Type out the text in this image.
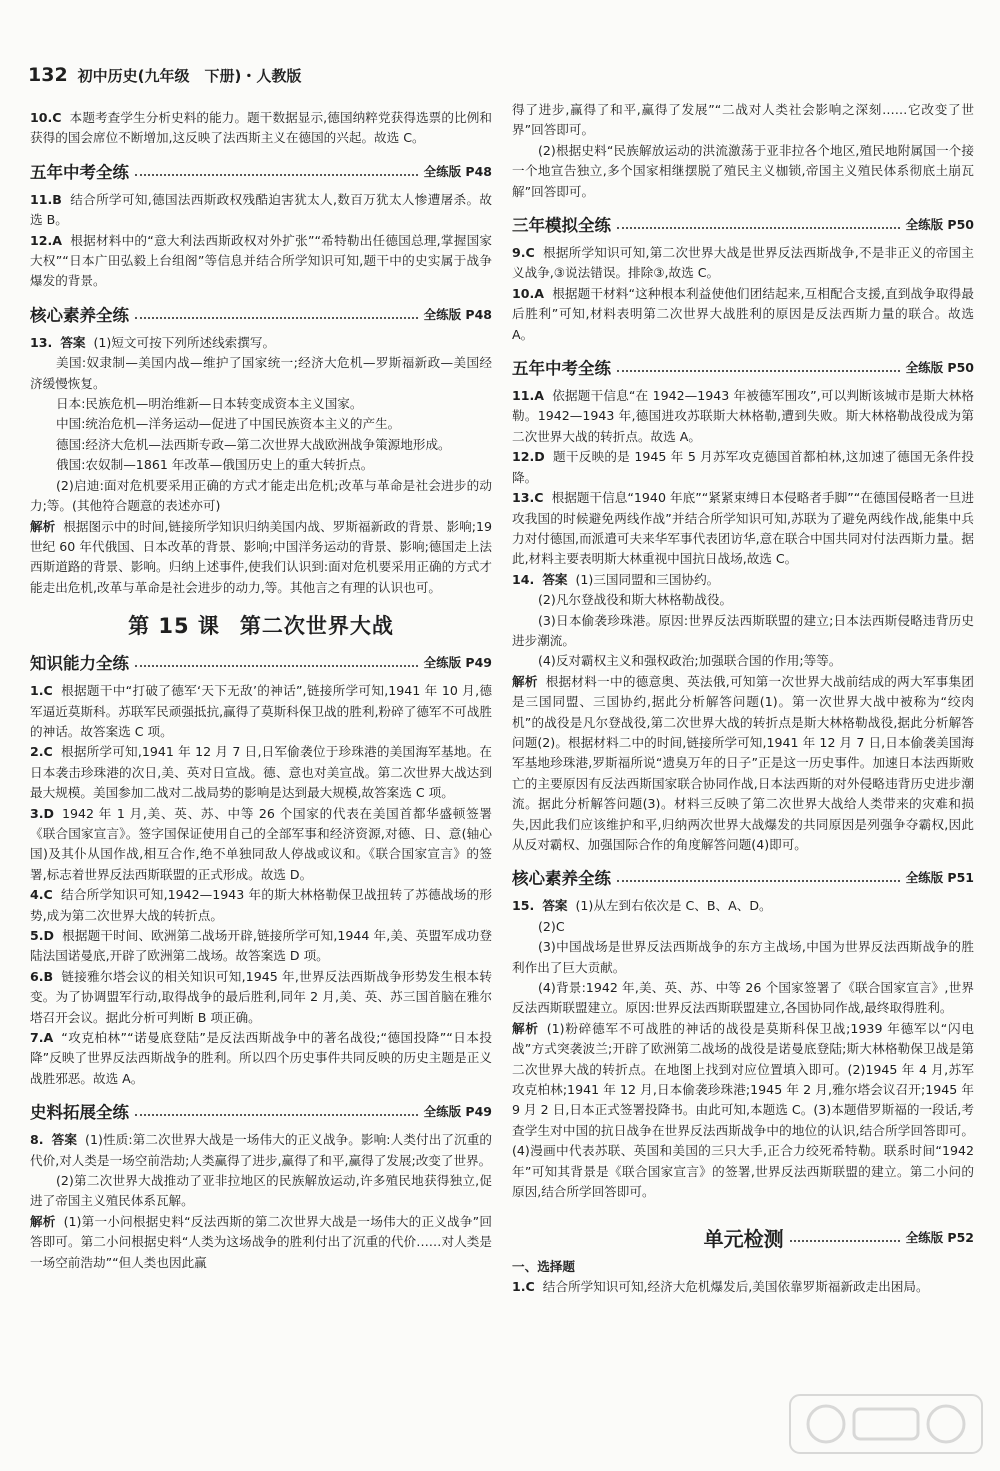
132 初中历史(九年级　下册)・人教版

10.C 本题考查学生分析史料的能力。题干数据显示,德国纳粹党获得选票的比例和获得的国会席位不断增加,这反映了法西斯主义在德国的兴起。故选 C。

五年中考全练	全练版 P48

11.B 结合所学可知,德国法西斯政权残酷迫害犹太人,数百万犹太人惨遭屠杀。故选 B。

12.A 根据材料中的“意大利法西斯政权对外扩张”“希特勒出任德国总理,掌握国家大权”“日本广田弘毅上台组阁”等信息并结合所学知识可知,题干中的史实属于战争爆发的背景。

核心素养全练	全练版 P48

13. 答案 (1)短文可按下列所述线索撰写。

美国:奴隶制—美国内战—维护了国家统一;经济大危机—罗斯福新政—美国经济缓慢恢复。

日本:民族危机—明治维新—日本转变成资本主义国家。

中国:统治危机—洋务运动—促进了中国民族资本主义的产生。

德国:经济大危机—法西斯专政—第二次世界大战欧洲战争策源地形成。

俄国:农奴制—1861 年改革—俄国历史上的重大转折点。

(2)启迪:面对危机要采用正确的方式才能走出危机;改革与革命是社会进步的动力;等。(其他符合题意的表述亦可)

解析 根据图示中的时间,链接所学知识归纳美国内战、罗斯福新政的背景、影响;19 世纪 60 年代俄国、日本改革的背景、影响;中国洋务运动的背景、影响;德国走上法西斯道路的背景、影响。归纳上述事件,使我们认识到:面对危机要采用正确的方式才能走出危机,改革与革命是社会进步的动力,等。其他言之有理的认识也可。

第 15 课 第二次世界大战
知识能力全练	全练版 P49

1.C 根据题干中“打破了德军‘天下无敌’的神话”,链接所学可知,1941 年 10 月,德军逼近莫斯科。苏联军民顽强抵抗,赢得了莫斯科保卫战的胜利,粉碎了德军不可战胜的神话。故答案选 C 项。

2.C 根据所学可知,1941 年 12 月 7 日,日军偷袭位于珍珠港的美国海军基地。在日本袭击珍珠港的次日,美、英对日宣战。德、意也对美宣战。第二次世界大战达到最大规模。美国参加二战对二战局势的影响是达到最大规模,故答案选 C 项。

3.D 1942 年 1 月,美、英、苏、中等 26 个国家的代表在美国首都华盛顿签署《联合国家宣言》。签字国保证使用自己的全部军事和经济资源,对德、日、意(轴心国)及其仆从国作战,相互合作,绝不单独同敌人停战或议和。《联合国家宣言》的签署,标志着世界反法西斯联盟的正式形成。故选 D。

4.C 结合所学知识可知,1942—1943 年的斯大林格勒保卫战扭转了苏德战场的形势,成为第二次世界大战的转折点。

5.D 根据题干时间、欧洲第二战场开辟,链接所学可知,1944 年,美、英盟军成功登陆法国诺曼底,开辟了欧洲第二战场。故答案选 D 项。

6.B 链接雅尔塔会议的相关知识可知,1945 年,世界反法西斯战争形势发生根本转变。为了协调盟军行动,取得战争的最后胜利,同年 2 月,美、英、苏三国首脑在雅尔塔召开会议。据此分析可判断 B 项正确。

7.A “攻克柏林”“诺曼底登陆”是反法西斯战争中的著名战役;“德国投降”“日本投降”反映了世界反法西斯战争的胜利。所以四个历史事件共同反映的历史主题是正义战胜邪恶。故选 A。

史料拓展全练	全练版 P49

8. 答案 (1)性质:第二次世界大战是一场伟大的正义战争。影响:人类付出了沉重的代价,对人类是一场空前浩劫;人类赢得了进步,赢得了和平,赢得了发展;改变了世界。

(2)第二次世界大战推动了亚非拉地区的民族解放运动,许多殖民地获得独立,促进了帝国主义殖民体系瓦解。

解析 (1)第一小问根据史料“反法西斯的第二次世界大战是一场伟大的正义战争”回答即可。第二小问根据史料“人类为这场战争的胜利付出了沉重的代价……对人类是一场空前浩劫”“但人类也因此赢

得了进步,赢得了和平,赢得了发展”“二战对人类社会影响之深刻……它改变了世界”回答即可。

(2)根据史料“民族解放运动的洪流激荡于亚非拉各个地区,殖民地附属国一个接一个地宣告独立,多个国家相继摆脱了殖民主义枷锁,帝国主义殖民体系彻底土崩瓦解”回答即可。

三年模拟全练	全练版 P50

9.C 根据所学知识可知,第二次世界大战是世界反法西斯战争,不是非正义的帝国主义战争,③说法错误。排除③,故选 C。

10.A 根据题干材料“这种根本利益使他们团结起来,互相配合支援,直到战争取得最后胜利”可知,材料表明第二次世界大战胜利的原因是反法西斯力量的联合。故选 A。

五年中考全练	全练版 P50

11.A 依据题干信息“在 1942—1943 年被德军围攻”,可以判断该城市是斯大林格勒。1942—1943 年,德国进攻苏联斯大林格勒,遭到失败。斯大林格勒战役成为第二次世界大战的转折点。故选 A。

12.D 题干反映的是 1945 年 5 月苏军攻克德国首都柏林,这加速了德国无条件投降。

13.C 根据题干信息“1940 年底”“紧紧束缚日本侵略者手脚”“在德国侵略者一旦进攻我国的时候避免两线作战”并结合所学知识可知,苏联为了避免两线作战,能集中兵力对付德国,而派遣可夫来华军事代表团访华,意在联合中国共同对付法西斯力量。据此,材料主要表明斯大林重视中国抗日战场,故选 C。

14. 答案 (1)三国同盟和三国协约。

(2)凡尔登战役和斯大林格勒战役。

(3)日本偷袭珍珠港。原因:世界反法西斯联盟的建立;日本法西斯侵略违背历史进步潮流。

(4)反对霸权主义和强权政治;加强联合国的作用;等等。

解析 根据材料一中的德意奥、英法俄,可知第一次世界大战前结成的两大军事集团是三国同盟、三国协约,据此分析解答问题(1)。第一次世界大战中被称为“绞肉机”的战役是凡尔登战役,第二次世界大战的转折点是斯大林格勒战役,据此分析解答问题(2)。根据材料二中的时间,链接所学可知,1941 年 12 月 7 日,日本偷袭美国海军基地珍珠港,罗斯福所说“遗臭万年的日子”正是这一历史事件。加速日本法西斯败亡的主要原因有反法西斯国家联合协同作战,日本法西斯的对外侵略违背历史进步潮流。据此分析解答问题(3)。材料三反映了第二次世界大战给人类带来的灾难和损失,因此我们应该维护和平,归纳两次世界大战爆发的共同原因是列强争夺霸权,因此从反对霸权、加强国际合作的角度解答问题(4)即可。

核心素养全练	全练版 P51

15. 答案 (1)从左到右依次是 C、B、A、D。

(2)C

(3)中国战场是世界反法西斯战争的东方主战场,中国为世界反法西斯战争的胜利作出了巨大贡献。

(4)背景:1942 年,美、英、苏、中等 26 个国家签署了《联合国家宣言》,世界反法西斯联盟建立。原因:世界反法西斯联盟建立,各国协同作战,最终取得胜利。

解析 (1)粉碎德军不可战胜的神话的战役是莫斯科保卫战;1939 年德军以“闪电战”方式突袭波兰;开辟了欧洲第二战场的战役是诺曼底登陆;斯大林格勒保卫战是第二次世界大战的转折点。在地图上找到对应位置填入即可。(2)1945 年 4 月,苏军攻克柏林;1941 年 12 月,日本偷袭珍珠港;1945 年 2 月,雅尔塔会议召开;1945 年 9 月 2 日,日本正式签署投降书。由此可知,本题选 C。(3)本题借罗斯福的一段话,考查学生对中国的抗日战争在世界反法西斯战争中的地位的认识,结合所学回答即可。(4)漫画中代表苏联、英国和美国的三只大手,正合力绞死希特勒。联系时间“1942 年”可知其背景是《联合国家宣言》的签署,世界反法西斯联盟的建立。第二小问的原因,结合所学回答即可。

单元检测	全练版 P52

一、选择题

1.C 结合所学知识可知,经济大危机爆发后,美国依靠罗斯福新政走出困局。
